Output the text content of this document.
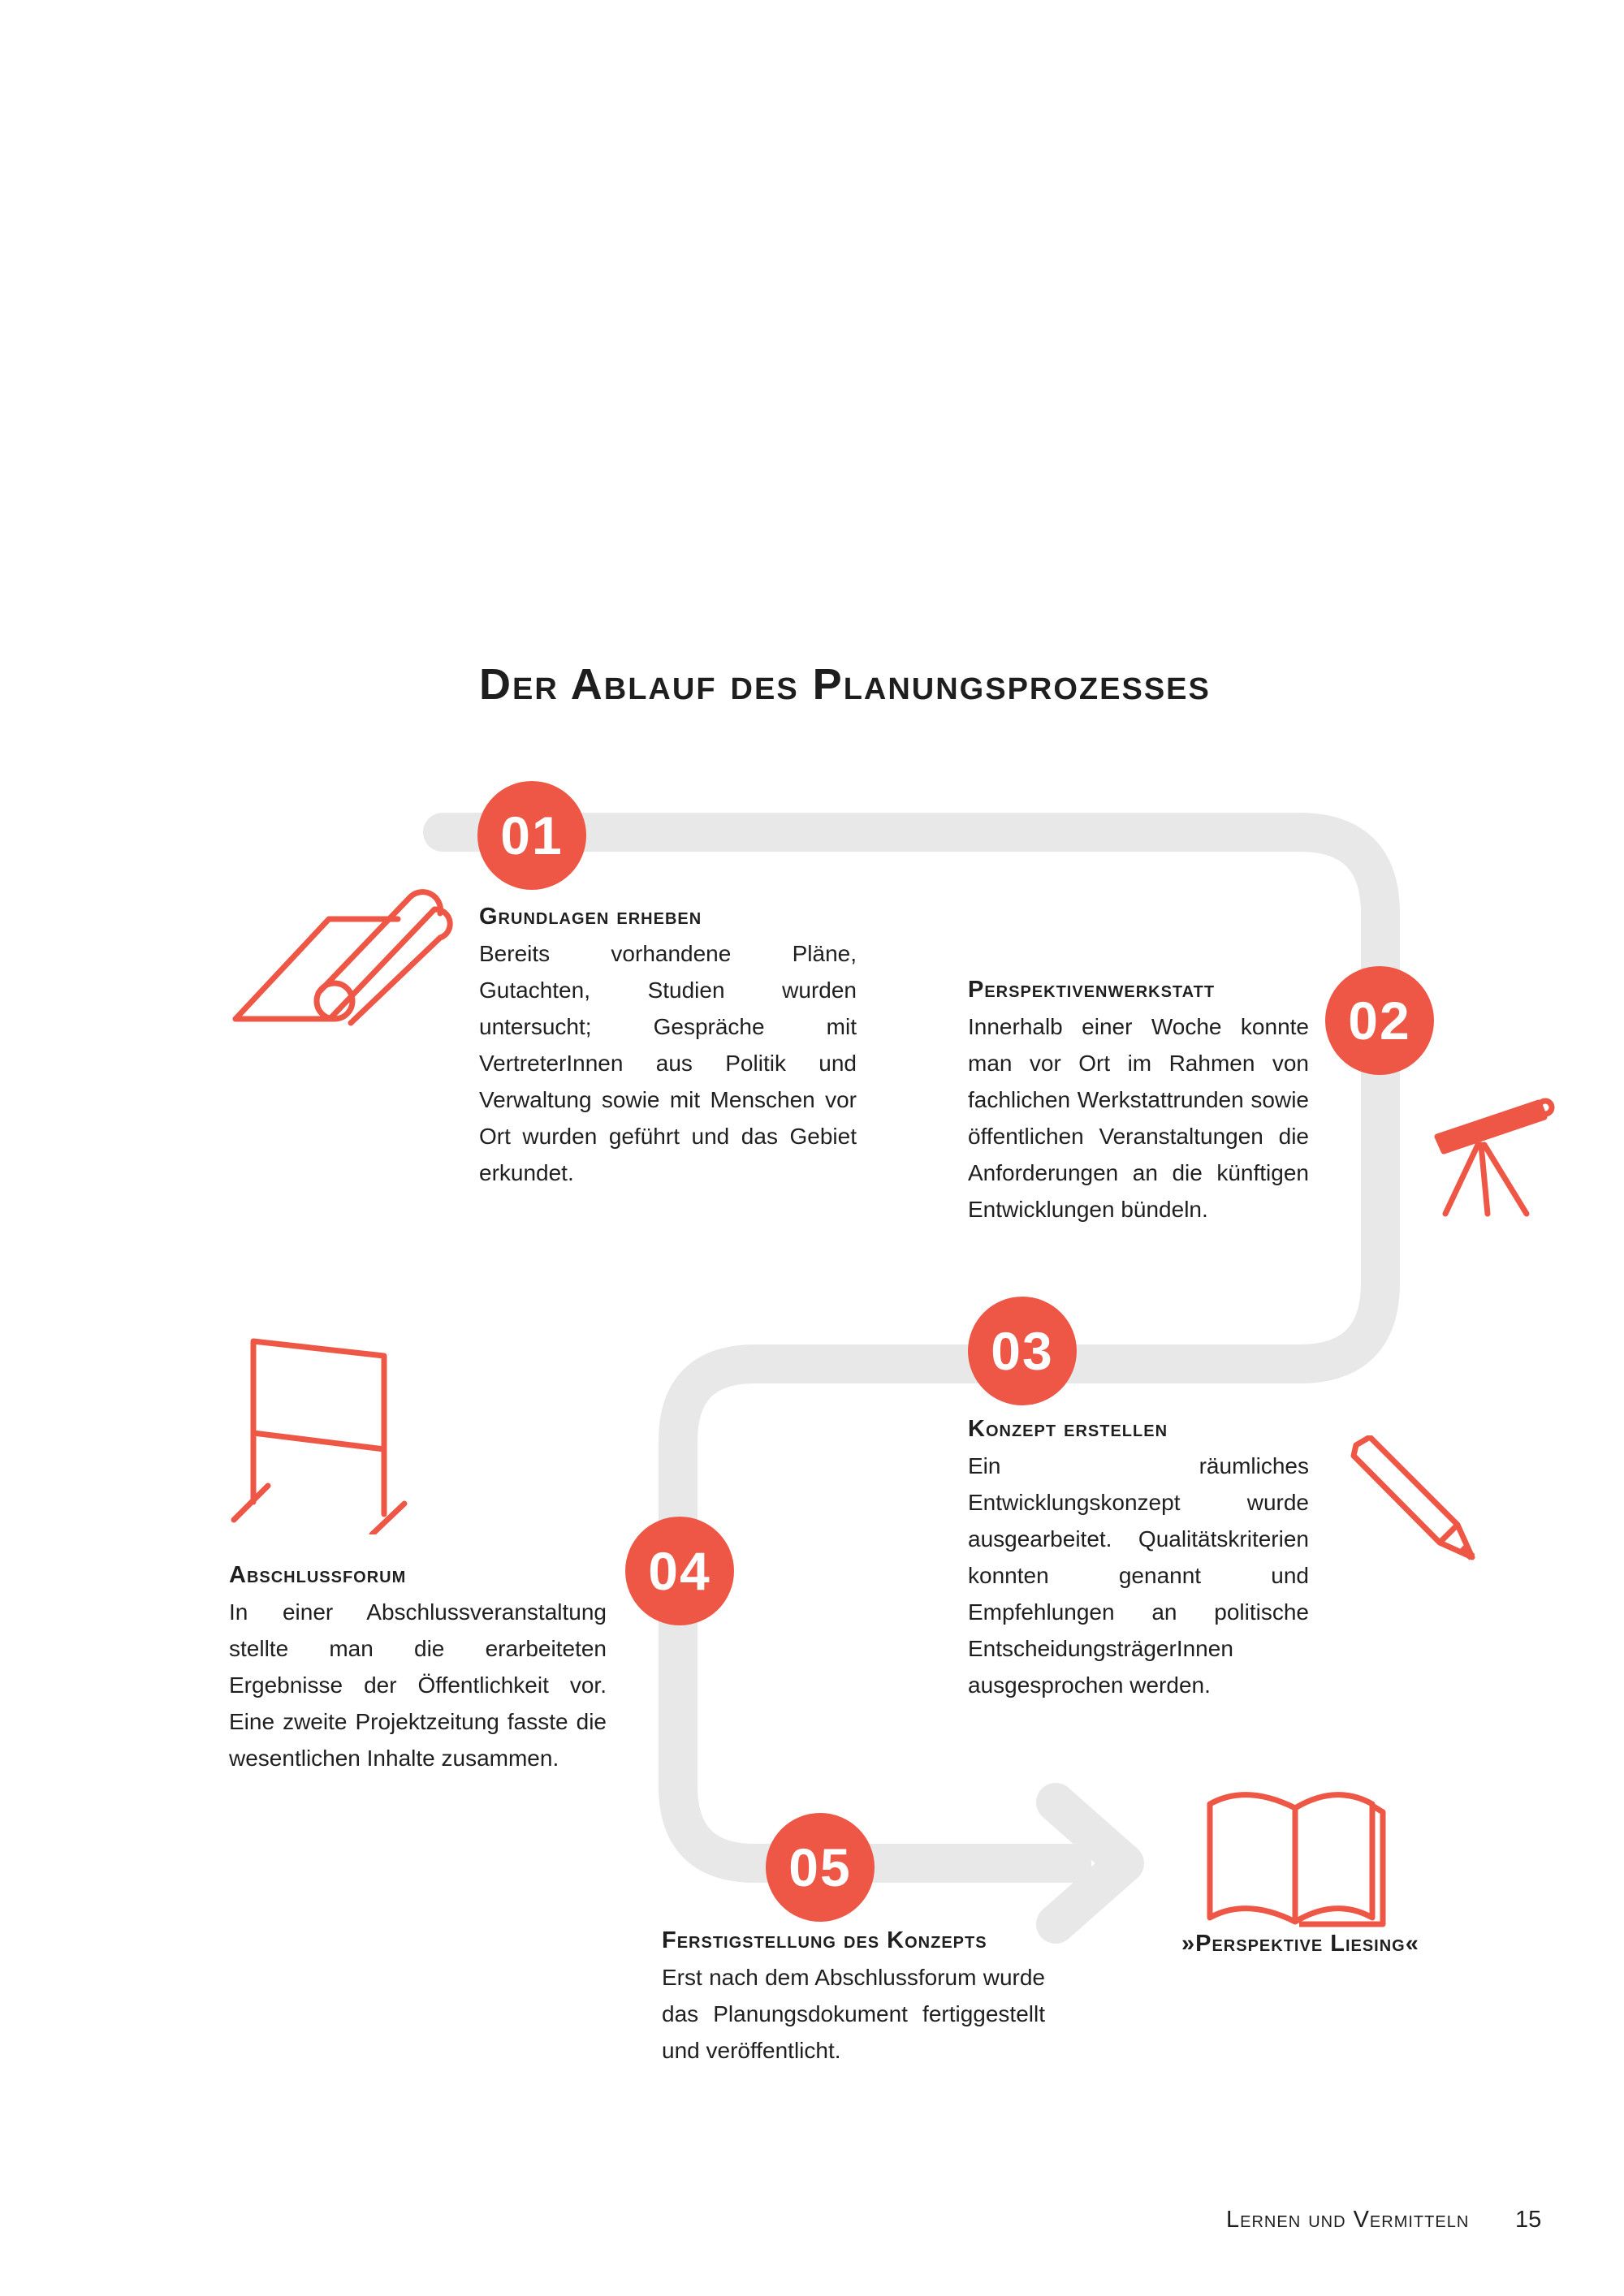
Der Ablauf des Planungsprozesses
01
02
03
04
05
Grundlagen erheben
Bereits vorhandene Pläne, Gutachten, Studien wurden untersucht; Gespräche mit VertreterInnen aus Politik und Verwaltung sowie mit Menschen vor Ort wurden geführt und das Gebiet erkundet.
Perspektivenwerkstatt
Innerhalb einer Woche konnte man vor Ort im Rahmen von fachlichen Werkstattrunden sowie öffentlichen Veranstaltungen die Anforderungen an die künftigen Entwicklungen bündeln.
Konzept erstellen
Ein räumliches Entwicklungskonzept wurde ausgearbeitet. Qualitätskriterien konnten genannt und Empfehlungen an politische EntscheidungsträgerInnen ausgesprochen werden.
Abschlussforum
In einer Abschlussveranstaltung stellte man die erarbeiteten Ergebnisse der Öffentlichkeit vor. Eine zweite Projektzeitung fasste die wesentlichen Inhalte zusammen.
Ferstigstellung des Konzepts
Erst nach dem Abschlussforum wurde das Planungsdokument fertiggestellt und veröffentlicht.
»Perspektive Liesing«
Lernen und Vermitteln	15
